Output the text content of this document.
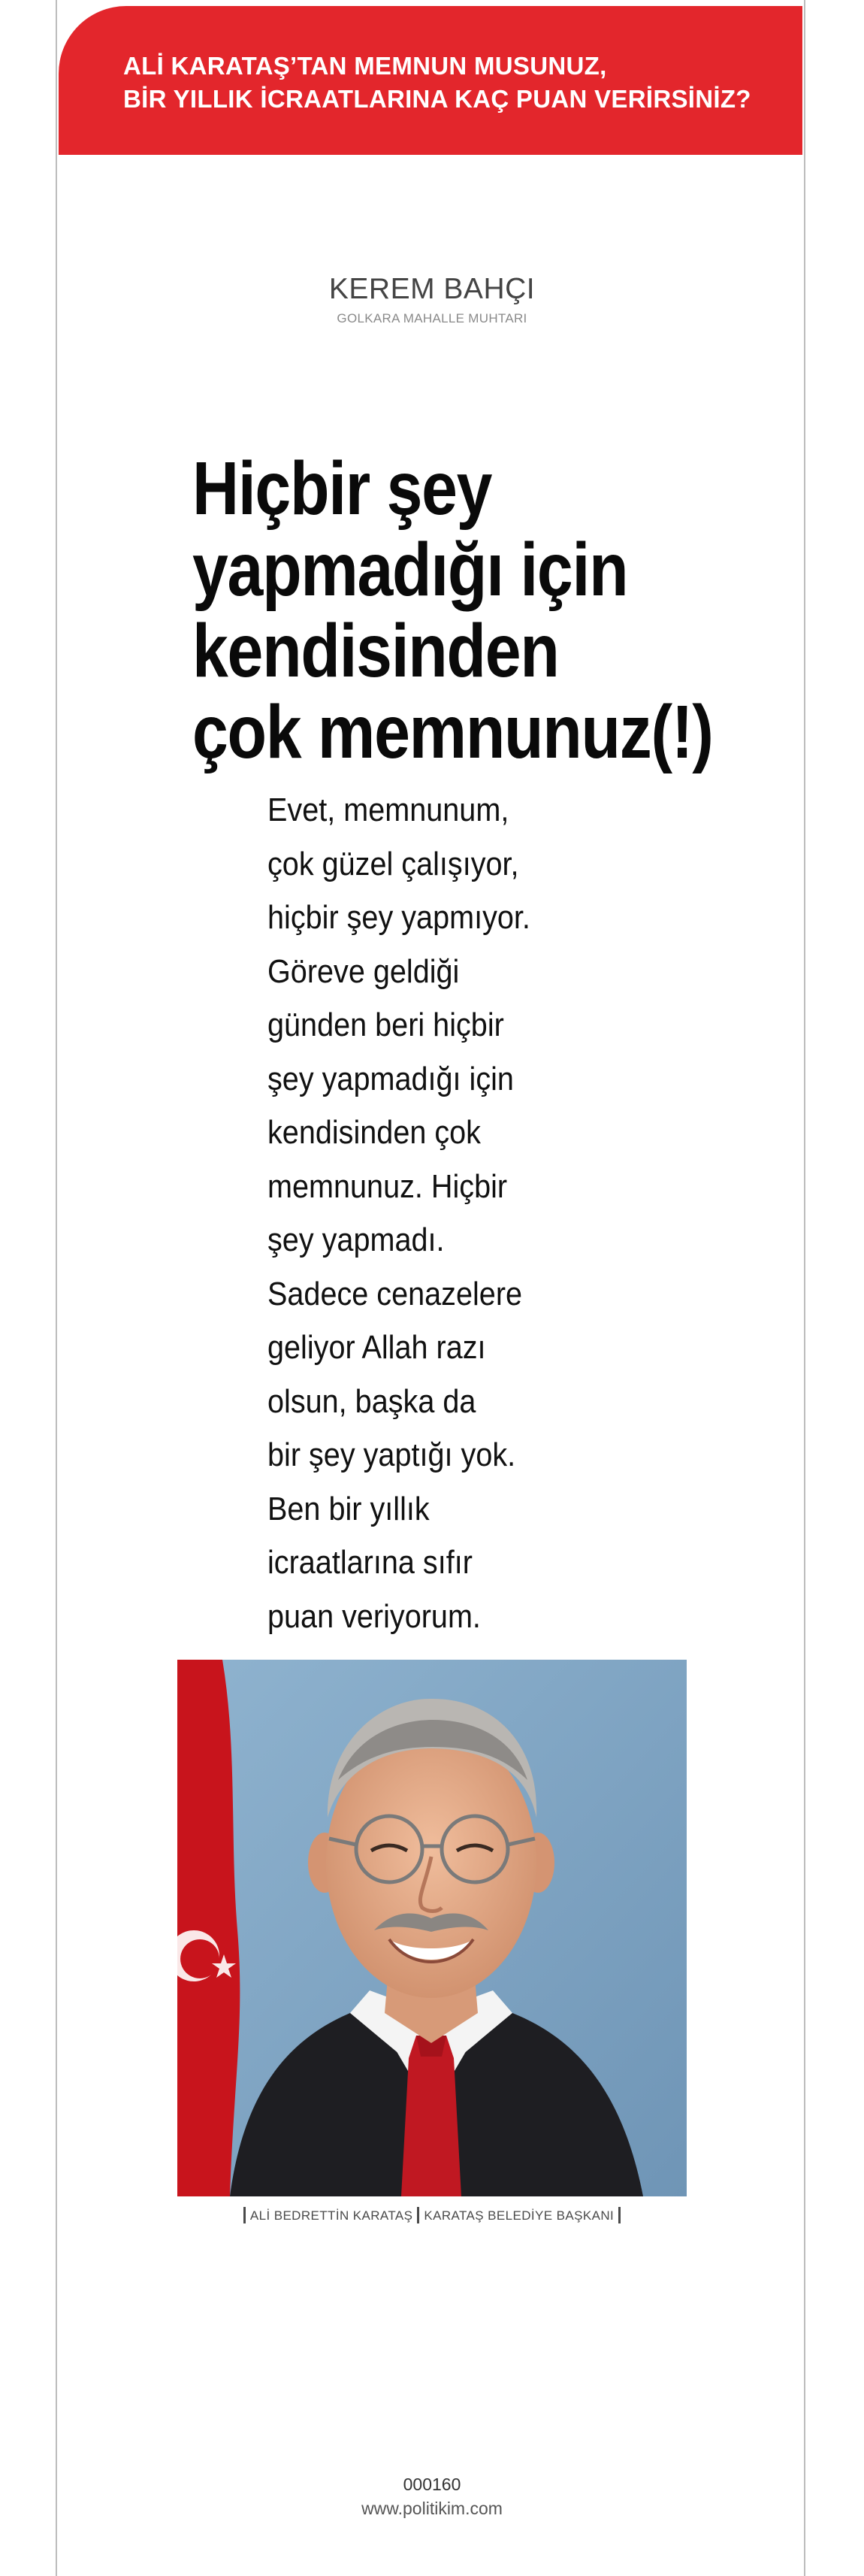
ALİ KARATAŞ’TAN MEMNUN MUSUNUZ,
BİR YILLIK İCRAATLARINA KAÇ PUAN VERİRSİNİZ?
KEREM BAHÇI
GOLKARA MAHALLE MUHTARI
Hiçbir şey
yapmadığı için
kendisinden
çok memnunuz(!)
Evet, memnunum,
çok güzel çalışıyor,
hiçbir şey yapmıyor.
Göreve geldiği
günden beri hiçbir
şey yapmadığı için
kendisinden çok
memnunuz. Hiçbir
şey yapmadı.
Sadece cenazelere
geliyor Allah razı
olsun, başka da
bir şey yaptığı yok.
Ben bir yıllık
icraatlarına sıfır
puan veriyorum.
ALİ BEDRETTİN KARATAŞ KARATAŞ BELEDİYE BAŞKANI
000160
www.politikim.com
